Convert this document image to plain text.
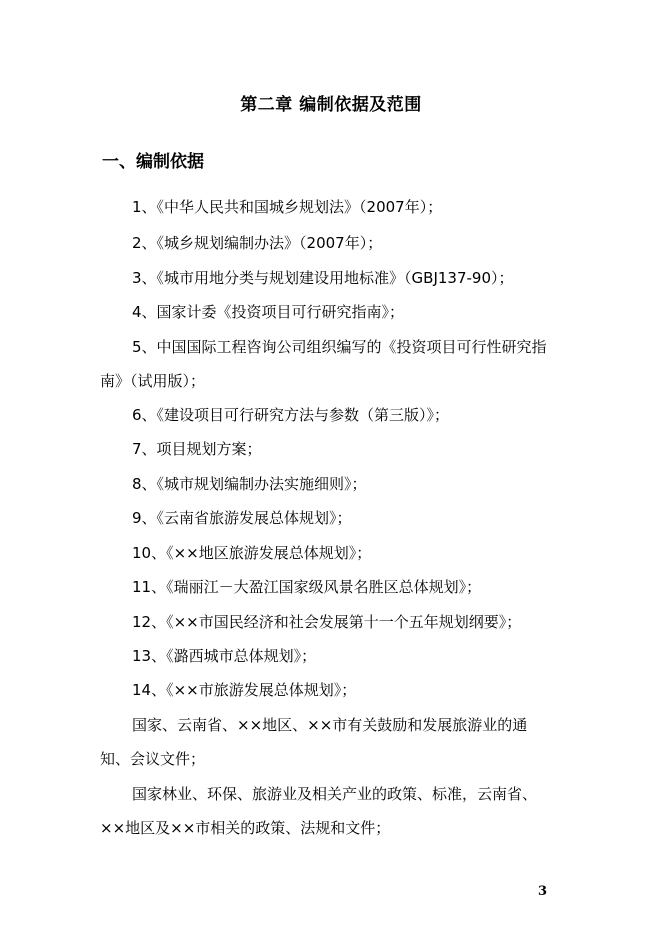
第二章 编制依据及范围
一、编制依据
1、《中华人民共和国城乡规划法》（2007年）；
2、《城乡规划编制办法》（2007年）；
3、《城市用地分类与规划建设用地标准》（GBJ137-90）；
4、国家计委《投资项目可行研究指南》；
5、中国国际工程咨询公司组织编写的《投资项目可行性研究指
南》（试用版）；
6、《建设项目可行研究方法与参数（第三版）》；
7、项目规划方案；
8、《城市规划编制办法实施细则》；
9、《云南省旅游发展总体规划》；
10、《××地区旅游发展总体规划》；
11、《瑞丽江－大盈江国家级风景名胜区总体规划》；
12、《××市国民经济和社会发展第十一个五年规划纲要》；
13、《潞西城市总体规划》；
14、《××市旅游发展总体规划》；
国家、云南省、××地区、××市有关鼓励和发展旅游业的通
知、会议文件；
国家林业、环保、旅游业及相关产业的政策、标准，云南省、
××地区及××市相关的政策、法规和文件；
3
